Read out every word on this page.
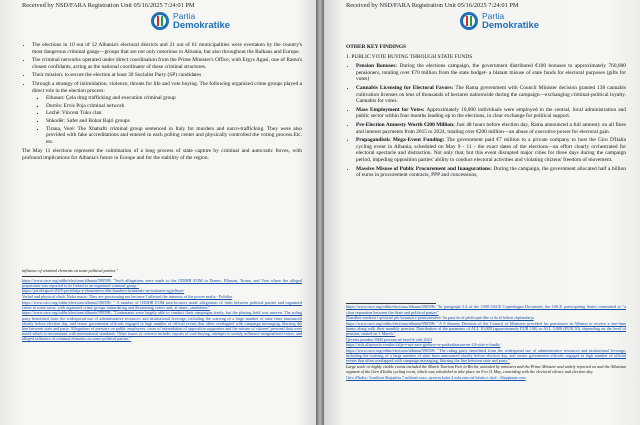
Received by NSD/FARA Registration Unit 05/16/2025 7:24:01 PM
Partia
Demokratike
• The elections in 10 out of 12 Albania's electoral districts and 21 out of 61 municipalities were overtaken by the country's most dangerous criminal gangs—groups that are not only notorious in Albania, but also throughout the Balkans and Europe.
• The criminal networks operated under direct coordination from the Prime Minister's Office, with Ergys Agasi, one of Rama's closest confidants, acting as the national coordinator of these criminal structures.
• Their mission: to secure the election at least 30 Socialist Party (SP) candidates
• Through a strategy of intimidation, violence, threats for life and vote buying. The following organized crime groups played a direct role in the election process:
▪ Elbasan: Çela drug trafficking and execution criminal group
▪ Durrës: Ervis Poja criminal network
▪ Lezhë: Vincent Tuku clan
▪ Shkodër: Safet and Bohar Bajri groups
▪ Tirana, Vorë: The Xhabafti criminal group sentenced in Italy for murders and narco-trafficking. They were also provided with fake accreditations and entered in each polling center and physically controlled the voting process.Etc. etc.

The May 11 elections represent the culmination of a long process of state capture by criminal and autocratic forces, with profound implications for Albania's future in Europe and for the stability of the region.

influence of criminal elements on some political parties."
https://www.osce.org/odihr/elections/albania/590598: "Such allegations were made to the ODIHR EOM in Durres, Elbasan, Tirana, and Vore where the alleged perpetrator was reported to be linked to an organized criminal group."
https://pd.al/raport-2025-perfshirja-e-elementeve-dhe-bandave-kriminale-ne-fushaten-zgjedhore/
Verbal and physical clash. Noka reacts: They are prosecuting me because I affected the interests of the power mafia - Politiko
https://www.osce.org/odihr/elections/albania/590598: " A number of ODIHR EOM interlocutors made allegations of links between political parties and organized crime in some areas, with organized crime groups intimidating and threatening voters and, at times, candidates."
https://www.osce.org/odihr/elections/albania/590598: "Contestants were largely able to conduct their campaigns freely, but the playing field was uneven. The ruling party benefitted from the widespread use of administrative resources and institutional leverage, including the waiving of a large number of state fines announced shortly before election day, and senior government officials engaged in high number of official events that often overlapped with campaign messaging, blurring the line between state and party. Allegations of pressure on public employees, cases of intimidation of opposition supporters and the misuse of citizens' personal data were noted which is inconsistent with international standards. Other issues of concern include, reports of vote-buying, attempts to unduly influence marginalized voters, and alleged influence of criminal elements on some political parties."
Received by NSD/FARA Registration Unit 05/16/2025 7:24:01 PM
Partia
Demokratike
OTHER KEY FINDINGS
1. PUBLIC VOTE BUYING THROUGH STATE FUNDS
• Pension Bonuses: During the elections campaign, the government distributed €100 bonuses to approximately 760,000 pensioners, totaling over €70 million from the state budget- a blatant misuse of state funds for electoral purposes (gifts for votes)
• Cannabis Licensing for Electoral Favors: The Rama government with Council Minister decision granted 138 cannabis cultivation licenses on tens of thousands of hectares nationwide during the campaign—exchanging criminal-political loyalty. Cannabis for votes.
• Mass Employment for Votes: Approximately 10,000 individuals were employed in the central, local administration and public sector within four months leading up to the elections, in clear exchange for political support.
• Pre-Election Amnesty Worth €200 Million: Just 48 hours before election day, Rama announced a full amnesty on all fines and interest payments from 2015 to 2024, totaling over €200 million—an abuse of executive power for electoral gain.
• Propagandistic Mega-Event Funding: The government paid €7 million to a private company to host the Giro D'Italia cycling event in Albania, scheduled on May 9 - 11 - the exact dates of the elections—an effort clearly orchestrated for electoral spectacle and distraction. Not only that, but this event disrupted major cities for three days during the campaign period, impeding opposition parties' ability to conduct electoral activities and violating citizens' freedom of movement.
• Massive Misuse of Public Procurement and Inaugurations: During the campaign, the government allocated half a billion of euros in procurement contracts, PPP and concessions,
https://www.osce.org/odihr/elections/albania/590598: "In paragraph 5.4 of the 1990 OSCE Copenhagen Document, the OSCE participating States committed to "a clear separation between the State and political parties"
Zbardhet vendimi i qeverisë për bonusin e pensionistëve/ Sa para do të përfitojnë dhe si do të bëhen shpërndarja
https://www.osce.org/odihr/elections/albania/590598: "A 9 January Decision of the Council of Ministers provided for pensioners in Albania to receive a one-time bonus along with their monthly pension. Distribution of the payments of ALL 10,000 (approximately EUR 100) or ALL 5,000 (EUR 50), depending on the level of pension, started on 1 March."
Qeveria pundesi 3900 persona në fund të vitit 2024
https://rtsh.al/qeveria-vendos-falje-e-nje-sere-gjobave-te-paskeshtutura-ne-10-vitet-e-fundit/
https://www.osce.org/odihr/elections/albania/590598: "The ruling party benefitted from the widespread use of administrative resources and institutional leverage, including the waiving of a large number of state fines announced shortly before election day, and senior government officials engaged in high number of official events that often overlapped with campaign messaging, blurring the line between state and party."
Large scale or highly visible events included the March Tourism Fair in Berlin, attended by ministers and the Prime Minister and widely reported on and the Albanian segment of the Giro d'Italia cycling event, which was scheduled to take place on 9 to 11 May, coinciding with the electoral silence and election day.
Giro d'Italia / Ivashton Shqipëria 7 milionë euro, qeveria kaloi 4 mln euro në këstin e dytë - Shqiptarja.com
